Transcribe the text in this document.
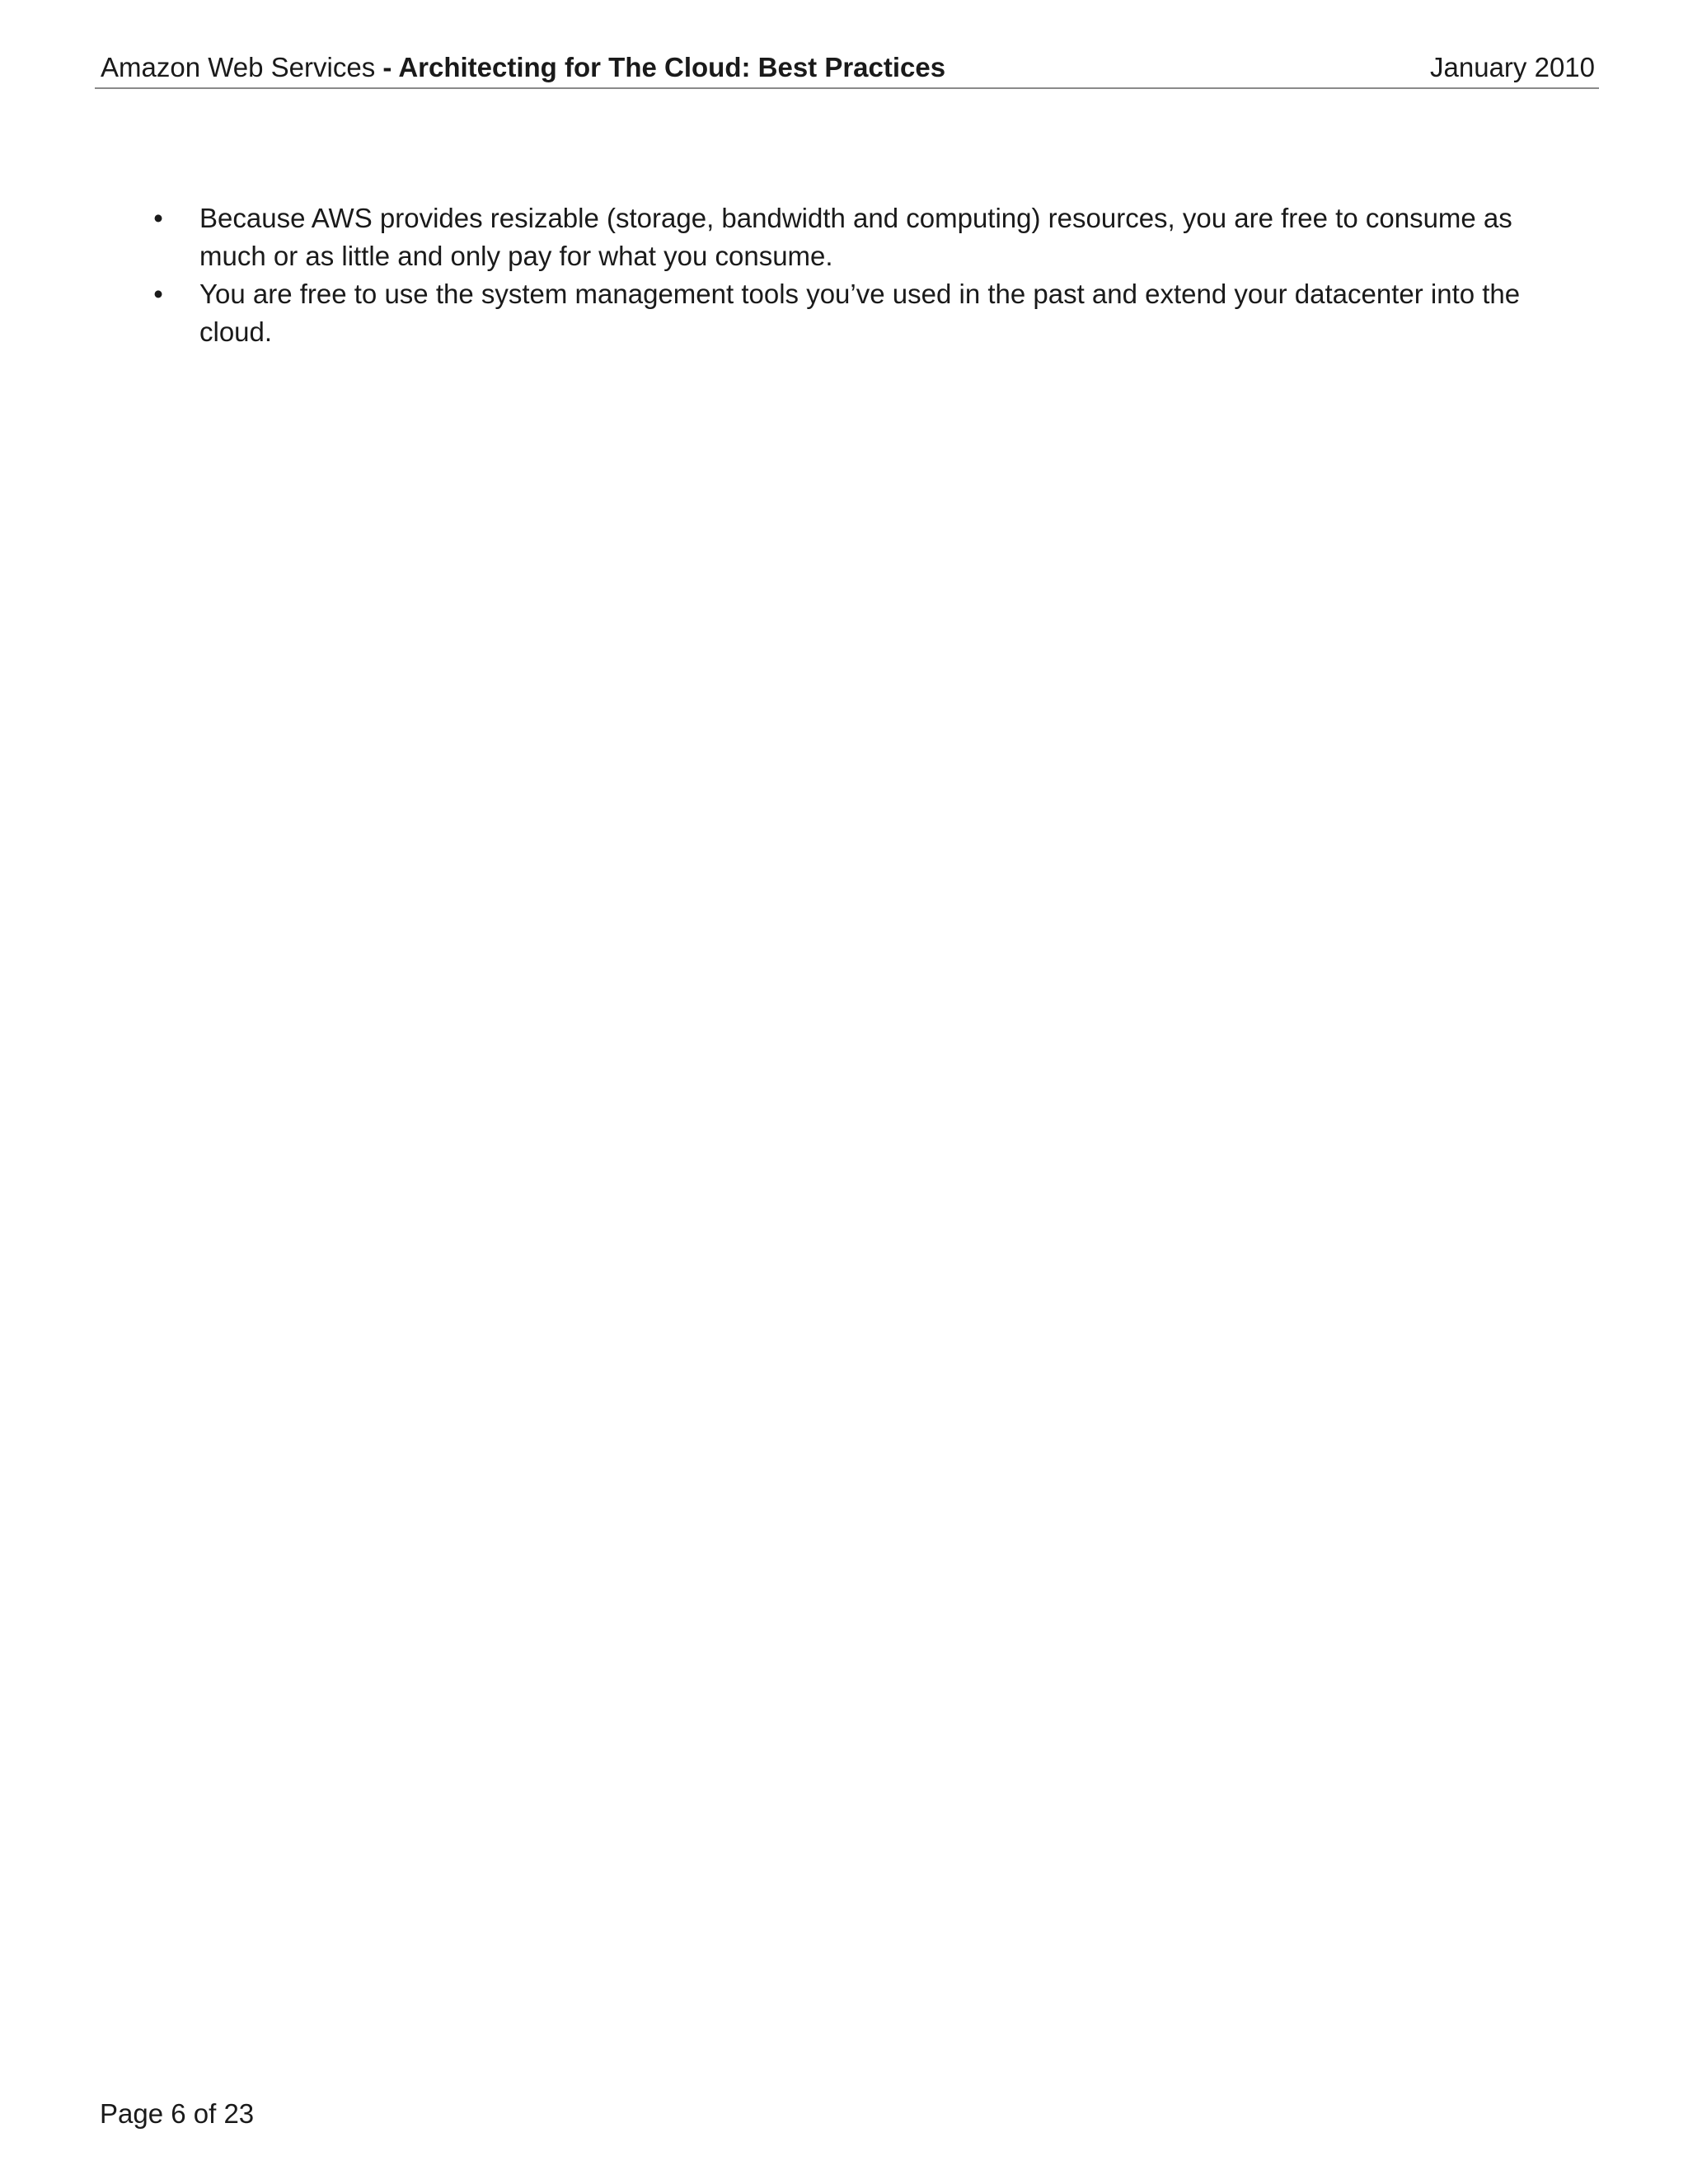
Amazon Web Services - Architecting for The Cloud: Best Practices	January 2010
• Because AWS provides resizable (storage, bandwidth and computing) resources, you are free to consume as much or as little and only pay for what you consume.
• You are free to use the system management tools you’ve used in the past and extend your datacenter into the cloud.
Page 6 of 23
